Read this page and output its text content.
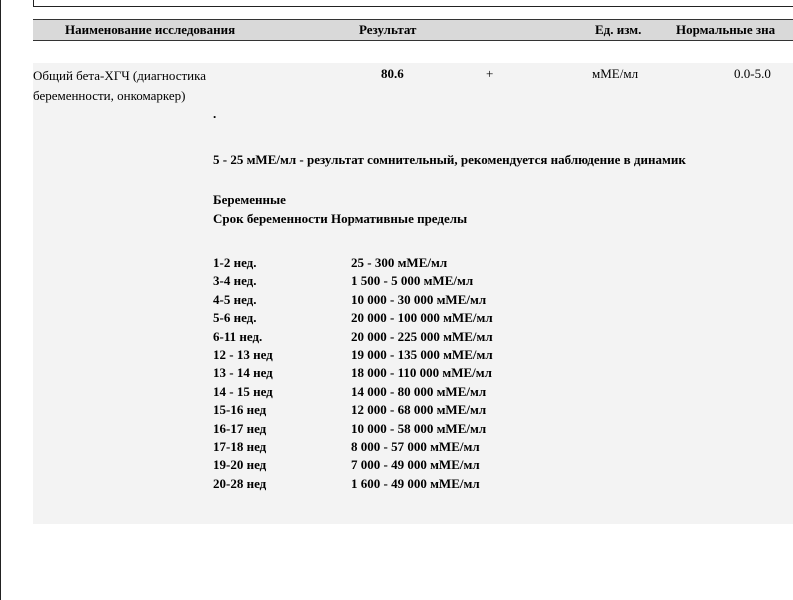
Наименование исследования	Результат	Ед. изм.	Нормальные зна
Общий бета-ХГЧ (диагностика беременности, онкомаркер)
80.6	+	мМЕ/мл	0.0-5.0
.
5 - 25 мМЕ/мл - результат сомнительный, рекомендуется наблюдение в динамик
Беременные
Срок беременности Нормативные пределы
1-2 нед.	25 - 300 мМЕ/мл
3-4 нед.	1 500 - 5 000 мМЕ/мл
4-5 нед.	10 000 - 30 000 мМЕ/мл
5-6 нед.	20 000 - 100 000 мМЕ/мл
6-11 нед.	20 000 - 225 000 мМЕ/мл
12 - 13 нед	19 000 - 135 000 мМЕ/мл
13 - 14 нед	18 000 - 110 000 мМЕ/мл
14 - 15 нед	14 000 - 80 000 мМЕ/мл
15-16 нед	12 000 - 68 000 мМЕ/мл
16-17 нед	10 000 - 58 000 мМЕ/мл
17-18 нед	8 000 - 57 000 мМЕ/мл
19-20 нед	7 000 - 49 000 мМЕ/мл
20-28 нед	1 600 - 49 000 мМЕ/мл
